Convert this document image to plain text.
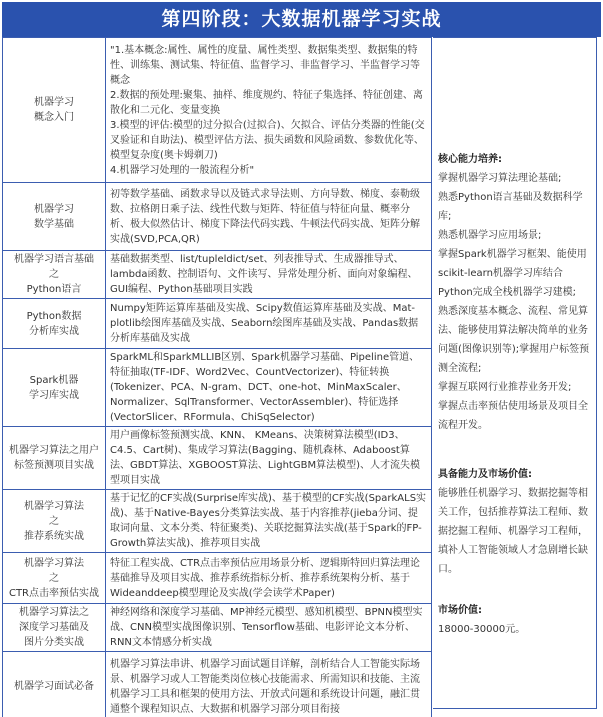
第四阶段：大数据机器学习实战
机器学习
概念入门	"1.基本概念:属性、属性的度量、属性类型、数据集类型、数据集的特性、训练集、测试集、特征值、监督学习、非监督学习、半监督学习等概念
2.数据的预处理:聚集、抽样、维度规约、特征子集选择、特征创建、离散化和二元化、变量变换
3.模型的评估:模型的过分拟合(过拟合)、欠拟合、评估分类器的性能(交叉验证和自助法)、模型评估方法、损失函数和风险函数、参数优化等、模型复杂度(奥卡姆剃刀)
4.机器学习处理的一般流程分析"
机器学习
数学基础	初等数学基础、函数求导以及链式求导法则、方向导数、梯度、泰勒级数、拉格朗日乘子法、线性代数与矩阵、特征值与特征向量、概率分析、极大似然估计、梯度下降法代码实践、牛顿法代码实战、矩阵分解实战(SVD,PCA,QR)
机器学习语言基础
之
Python语言	基础数据类型、list/tupleldict/set、列表推导式、生成器推导式、lambda函数、控制语句、文件读写、异常处理分析、面向对象编程、GUI编程、Python基础项目实践
Python数据
分析库实战	Numpy矩阵运算库基础及实战、Scipy数值运算库基础及实战、Mat-plotlib绘图库基础及实战、Seaborn绘图库基础及实战、Pandas数据分析库基础及实战
Spark机器
学习库实战	SparkML和SparkMLLIB区别、Spark机器学习基础、Pipeline管道、特征抽取(TF-IDF、Word2Vec、CountVectorizer)、特征转换(Tokenizer、PCA、N-gram、DCT、one-hot、MinMaxScaler、Normalizer、SqlTransformer、VectorAssembler)、特征选择(VectorSlicer、RFormula、ChiSqSelector)
机器学习算法之用户
标签预测项目实战	用户画像标签预测实战、KNN、 KMeans、决策树算法模型(ID3、C4.5、Cart树)、集成学习算法(Bagging、随机森林、Adaboost算法、GBDT算法、XGBOOST算法、LightGBM算法模型)、人才流失模型项目实战
机器学习算法
之
推荐系统实战	基于记忆的CF实战(Surprise库实战)、基于模型的CF实战(SparkALS实战)、基于Native-Bayes分类算法实战、基于内容推荐(jieba分词、提取词向量、文本分类、特征聚类)、关联挖掘算法实战(基于Spark的FP-Growth算法实战)、推荐项目实战
机器学习算法
之
CTR点击率预估实战	特征工程实战、CTR点击率预估应用场景分析、逻辑斯特回归算法理论基础推导及项目实战、推荐系统指标分析、推荐系统架构分析、基于Wideanddeep模型理论及实战(学会读学术Paper)
机器学习算法之
深度学习基础及
图片分类实战	神经网络和深度学习基础、MP神经元模型、感知机模型、BPNN模型实战、CNN模型实战图像识别、Tensorflow基础、电影评论文本分析、RNN文本情感分析实战
机器学习面试必备	机器学习算法串讲、机器学习面试题目详解，剖析结合人工智能实际场景、机器学习或人工智能类岗位核心技能需求、所需知识和技能、主流机器学习工具和框架的使用方法、开放式问题和系统设计问题，融汇贯通整个课程知识点、大数据和机器学习部分项目衔接
核心能力培养:
掌握机器学习算法理论基础;
熟悉Python语言基础及数据科学库;
熟悉机器学习应用场景;
掌握Spark机器学习框架、能使用scikit-learn机器学习库结合Python完成全栈机器学习建模;
熟悉深度基本概念、流程、常见算法、能够使用算法解决简单的业务问题(图像识别等);掌握用户标签预测全流程;
掌握互联网行业推荐业务开发;
掌握点击率预估使用场景及项目全流程开发。
具备能力及市场价值:
能够胜任机器学习、数据挖掘等相关工作，包括推荐算法工程师、数据挖掘工程师、机器学习工程师，填补人工智能领域人才急剧增长缺口。
市场价值:
18000-30000元。
